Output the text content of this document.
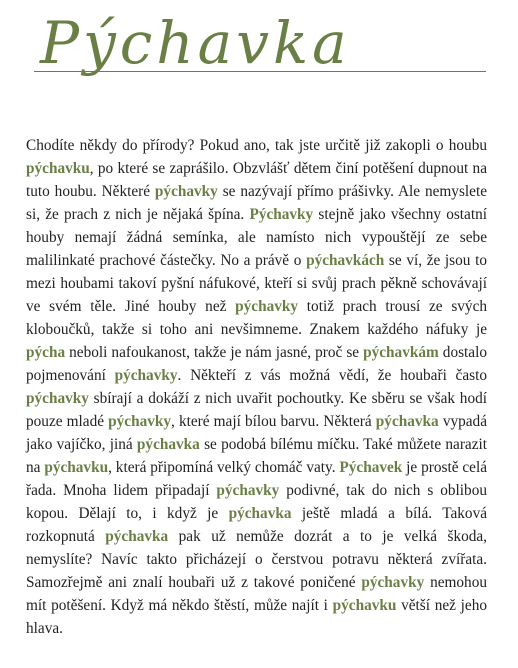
Pýchavka

Chodíte někdy do přírody? Pokud ano, tak jste určitě již zakopli o houbu pýchavku, po které se zaprášilo. Obzvlášť dětem činí potěšení dupnout na tuto houbu. Některé pýchavky se nazývají přímo prášivky. Ale nemyslete si, že prach z nich je nějaká špína. Pýchavky stejně jako všechny ostatní houby nemají žádná semínka, ale namísto nich vypouštějí ze sebe malilinkaté prachové částečky. No a právě o pýchavkách se ví, že jsou to mezi houbami takoví pyšní náfukové, kteří si svůj prach pěkně schovávají ve svém těle. Jiné houby než pýchavky totiž prach trousí ze svých kloboučků, takže si toho ani nevšimneme. Znakem každého náfuky je pýcha neboli nafoukanost, takže je nám jasné, proč se pýchavkám dostalo pojmenování pýchavky. Někteří z vás možná vědí, že houbaři často pýchavky sbírají a dokáží z nich uvařit pochoutky. Ke sběru se však hodí pouze mladé pýchavky, které mají bílou barvu. Některá pýchavka vypadá jako vajíčko, jiná pýchavka se podobá bílému míčku. Také můžete narazit na pýchavku, která připomíná velký chomáč vaty. Pýchavek je prostě celá řada. Mnoha lidem připadají pýchavky podivné, tak do nich s oblibou kopou. Dělají to, i když je pýchavka ještě mladá a bílá. Taková rozkopnutá pýchavka pak už nemůže dozrát a to je velká škoda, nemyslíte? Navíc takto přicházejí o čerstvou potravu některá zvířata. Samozřejmě ani znalí houbaři už z takové poničené pýchavky nemohou mít potěšení. Když má někdo štěstí, může najít i pýchavku větší než jeho hlava.
